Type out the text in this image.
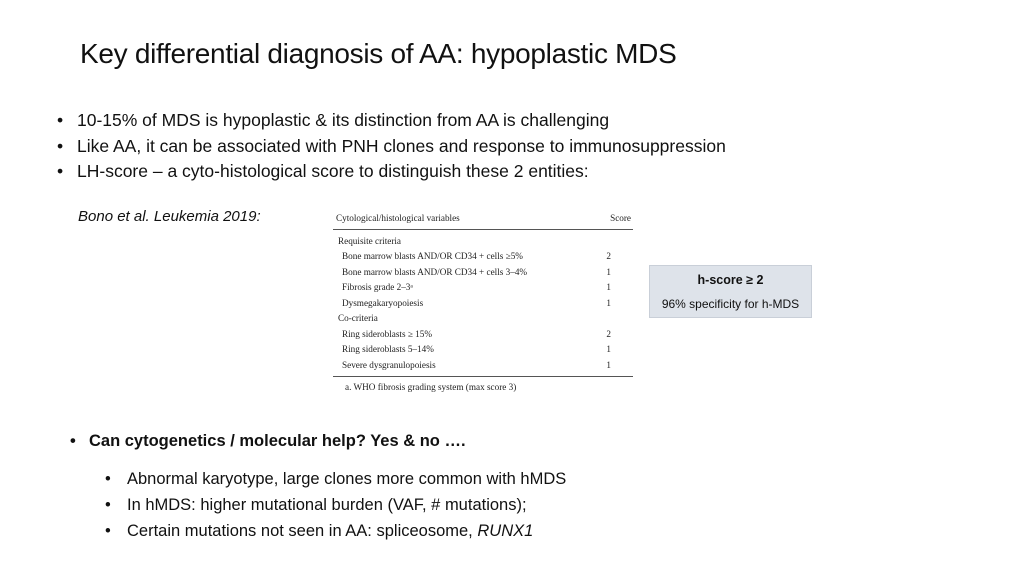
Key differential diagnosis of AA: hypoplastic MDS
• 10-15% of MDS is hypoplastic & its distinction from AA is challenging
• Like AA, it can be associated with PNH clones and response to immunosuppression
• LH-score – a cyto-histological score to distinguish these 2 entities:
Bono et al. Leukemia 2019:	Cytological/histological variables	Score
Requisite criteria
Bone marrow blasts AND/OR CD34 + cells ≥5%	2
Bone marrow blasts AND/OR CD34 + cells 3–4%	1
Fibrosis grade 2–3ᵃ	1
Dysmegakaryopoiesis	1
Co-criteria
Ring sideroblasts ≥ 15%	2
Ring sideroblasts 5–14%	1
Severe dysgranulopoiesis	1
a. WHO fibrosis grading system (max score 3)
h-score ≥ 2
96% specificity for h-MDS
• Can cytogenetics / molecular help? Yes & no ….
• Abnormal karyotype, large clones more common with hMDS
• In hMDS: higher mutational burden (VAF, # mutations);
• Certain mutations not seen in AA: spliceosome, RUNX1
